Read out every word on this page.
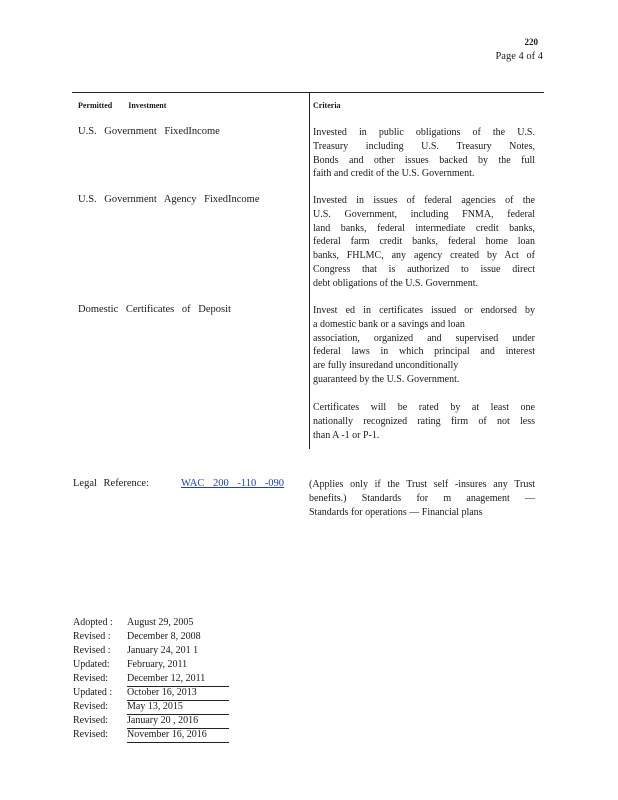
220
Page 4 of 4
Permitted        Investment	Criteria
U.S. Government FixedIncome	Invested in public obligations of the U.S.
Treasury including U.S. Treasury Notes,
Bonds and other issues backed by the full
faith and credit of the U.S. Government.
U.S. Government Agency FixedIncome	Invested in issues of federal agencies of the
U.S. Government, including FNMA, federal
land banks, federal intermediate credit banks,
federal farm credit banks, federal home loan
banks, FHLMC, any agency created by Act of
Congress that is authorized to issue direct
debt obligations of the U.S. Government.
Domestic Certificates of Deposit	Invest ed in certificates issued or endorsed by
a domestic bank or a savings and loan
association, organized and supervised under
federal laws in which principal and interest
are fully insuredand unconditionally
guaranteed by the U.S. Government.
Certificates will be rated by at least one
nationally recognized rating firm of not less
than A -1 or P-1.
Legal Reference:	WAC 200 -110 -090 (Applies only if the Trust self -insures any Trust
benefits.) Standards for m anagement —
Standards for operations — Financial plans
Adopted :	August 29, 2005
Revised :	December 8, 2008
Revised :	January 24, 201 1
Updated:	February, 2011
Revised:	December 12, 2011
Updated :	October 16, 2013
Revised:	May 13, 2015
Revised:	January 20 , 2016
Revised:	November 16, 2016
